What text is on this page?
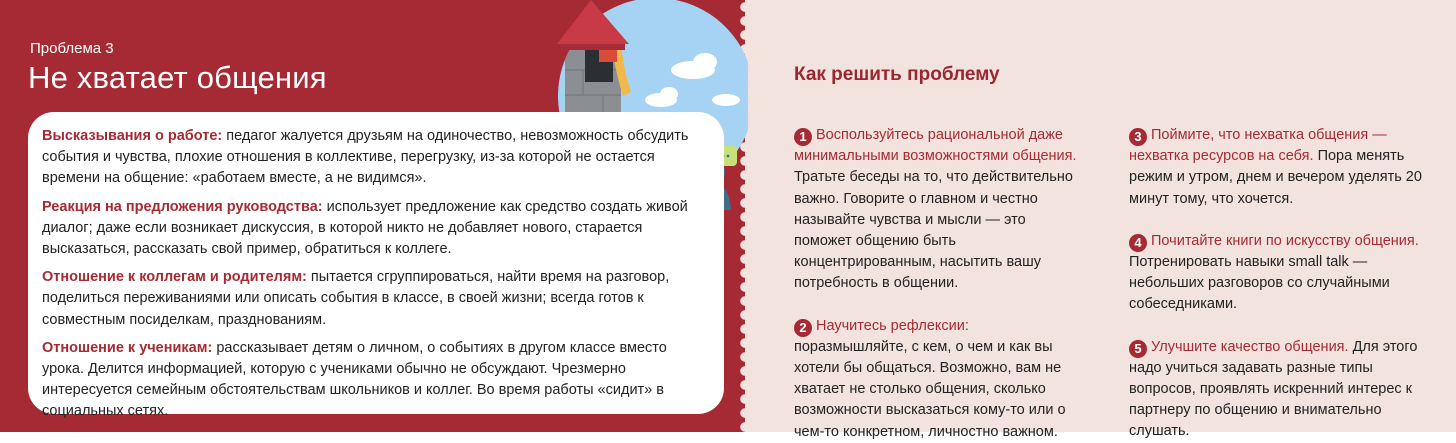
Проблема 3
Не хватает общения

Высказывания о работе: педагог жалуется друзьям на одиночество, невозможность обсудить события и чувства, плохие отношения в коллективе, перегрузку, из-за которой не остается времени на общение: «работаем вместе, а не видимся».

Реакция на предложения руководства: использует предложение как средство создать живой диалог; даже если возникает дискуссия, в которой никто не добавляет нового, старается высказаться, рассказать свой пример, обратиться к коллеге.

Отношение к коллегам и родителям: пытается сгруппироваться, найти время на разговор, поделиться переживаниями или описать события в классе, в своей жизни; всегда готов к совместным посиделкам, празднованиям.

Отношение к ученикам: рассказывает детям о личном, о событиях в другом классе вместо урока. Делится информацией, которую с учениками обычно не обсуждают. Чрезмерно интересуется семейным обстоятельствам школьников и коллег. Во время работы «сидит» в социальных сетях.

Как решить проблему

1 Воспользуйтесь рациональной даже минимальными возможностями общения. Тратьте беседы на то, что действительно важно. Говорите о главном и честно называйте чувства и мысли — это поможет общению быть концентрированным, насытить вашу потребность в общении.

2 Научитесь рефлексии: поразмышляйте, с кем, о чем и как вы хотели бы общаться. Возможно, вам не хватает не столько общения, сколько возможности высказаться кому-то или о чем-то конкретном, личностно важном.

3 Поймите, что нехватка общения — нехватка ресурсов на себя. Пора менять режим и утром, днем и вечером уделять 20 минут тому, что хочется.

4 Почитайте книги по искусству общения. Потренировать навыки small talk — небольших разговоров со случайными собеседниками.

5 Улучшите качество общения. Для этого надо учиться задавать разные типы вопросов, проявлять искренний интерес к партнеру по общению и внимательно слушать.
